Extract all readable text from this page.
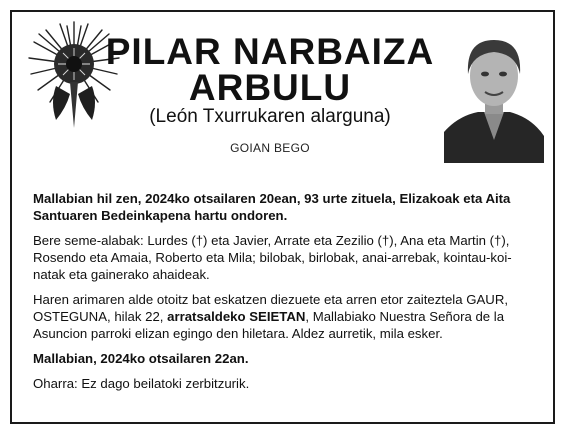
PILAR NARBAIZA
ARBULU
(León Txurrukaren alarguna)
GOIAN BEGO

Mallabian hil zen, 2024ko otsailaren 20ean, 93 urte zituela, Elizakoak eta Aita Santuaren Bedeinkapena hartu ondoren.

Bere seme-alabak: Lurdes (†) eta Javier, Arrate eta Zezilio (†), Ana eta Martin (†), Rosendo eta Amaia, Roberto eta Mila; bilobak, birlobak, anai-arrebak, kointau-koi-natak eta gainerako ahaideak.

Haren arimaren alde otoitz bat eskatzen diezuete eta arren etor zaiteztela GAUR, OSTEGUNA, hilak 22, arratsaldeko SEIETAN, Mallabiako Nuestra Señora de la Asuncion parroki elizan egingo den hiletara. Aldez aurretik, mila esker.

Mallabian, 2024ko otsailaren 22an.

Oharra: Ez dago beilatoki zerbitzurik.
